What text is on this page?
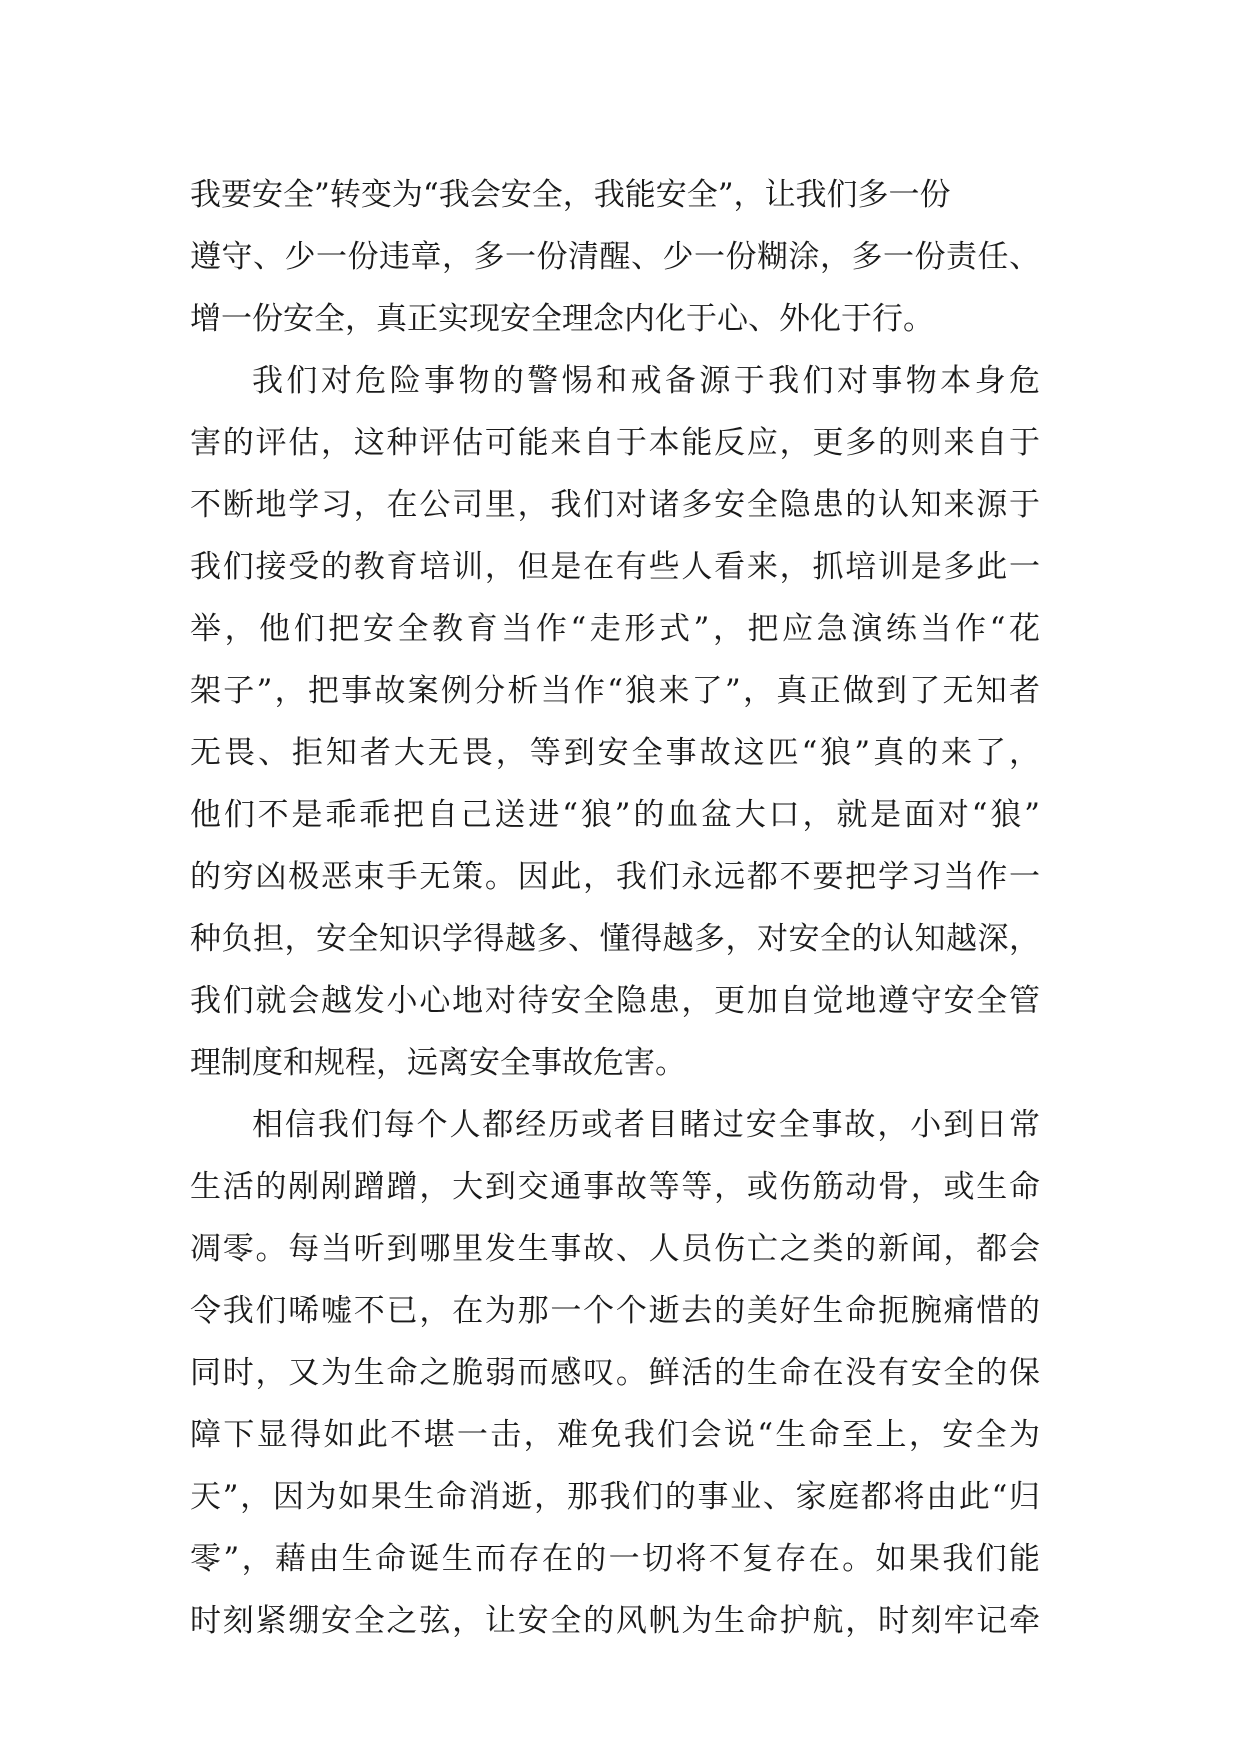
我要安全”转变为“我会安全，我能安全”，让我们多一份
遵守、少一份违章，多一份清醒、少一份糊涂，多一份责任、
增一份安全，真正实现安全理念内化于心、外化于行。
我们对危险事物的警惕和戒备源于我们对事物本身危
害的评估，这种评估可能来自于本能反应，更多的则来自于
不断地学习，在公司里，我们对诸多安全隐患的认知来源于
我们接受的教育培训，但是在有些人看来，抓培训是多此一
举，他们把安全教育当作“走形式”，把应急演练当作“花
架子”，把事故案例分析当作“狼来了”，真正做到了无知者
无畏、拒知者大无畏，等到安全事故这匹“狼”真的来了，
他们不是乖乖把自己送进“狼”的血盆大口，就是面对“狼”
的穷凶极恶束手无策。因此，我们永远都不要把学习当作一
种负担，安全知识学得越多、懂得越多，对安全的认知越深，
我们就会越发小心地对待安全隐患，更加自觉地遵守安全管
理制度和规程，远离安全事故危害。
相信我们每个人都经历或者目睹过安全事故，小到日常
生活的剐剐蹭蹭，大到交通事故等等，或伤筋动骨，或生命
凋零。每当听到哪里发生事故、人员伤亡之类的新闻，都会
令我们唏嘘不已，在为那一个个逝去的美好生命扼腕痛惜的
同时，又为生命之脆弱而感叹。鲜活的生命在没有安全的保
障下显得如此不堪一击，难免我们会说“生命至上，安全为
天”，因为如果生命消逝，那我们的事业、家庭都将由此“归
零”，藉由生命诞生而存在的一切将不复存在。如果我们能
时刻紧绷安全之弦，让安全的风帆为生命护航，时刻牢记牵
